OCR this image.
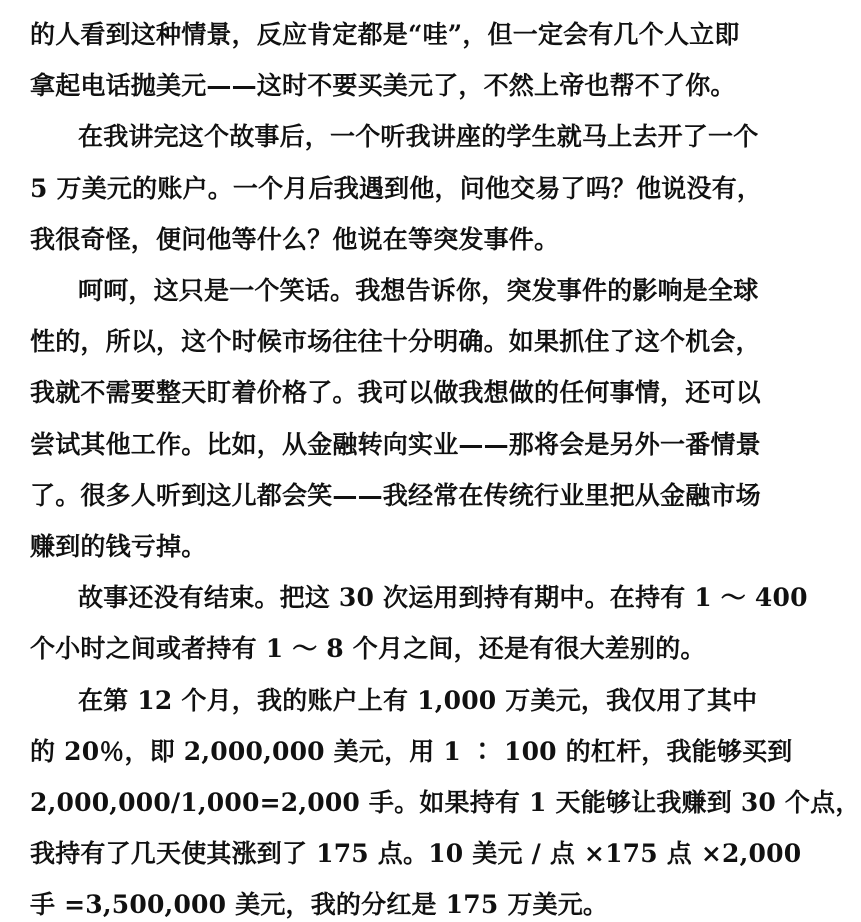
的人看到这种情景，反应肯定都是“哇”，但一定会有几个人立即
拿起电话抛美元——这时不要买美元了，不然上帝也帮不了你。
在我讲完这个故事后，一个听我讲座的学生就马上去开了一个
5 万美元的账户。一个月后我遇到他，问他交易了吗？他说没有，
我很奇怪，便问他等什么？他说在等突发事件。
呵呵，这只是一个笑话。我想告诉你，突发事件的影响是全球
性的，所以，这个时候市场往往十分明确。如果抓住了这个机会，
我就不需要整天盯着价格了。我可以做我想做的任何事情，还可以
尝试其他工作。比如，从金融转向实业——那将会是另外一番情景
了。很多人听到这儿都会笑——我经常在传统行业里把从金融市场
赚到的钱亏掉。
故事还没有结束。把这 30 次运用到持有期中。在持有 1 ～ 400
个小时之间或者持有 1 ～ 8 个月之间，还是有很大差别的。
在第 12 个月，我的账户上有 1,000 万美元，我仅用了其中
的 20％，即 2,000,000 美元，用 1 ∶ 100 的杠杆，我能够买到
2,000,000/1,000=2,000 手。如果持有 1 天能够让我赚到 30 个点，
我持有了几天使其涨到了 175 点。10 美元 / 点 ×175 点 ×2,000
手 =3,500,000 美元，我的分红是 175 万美元。
